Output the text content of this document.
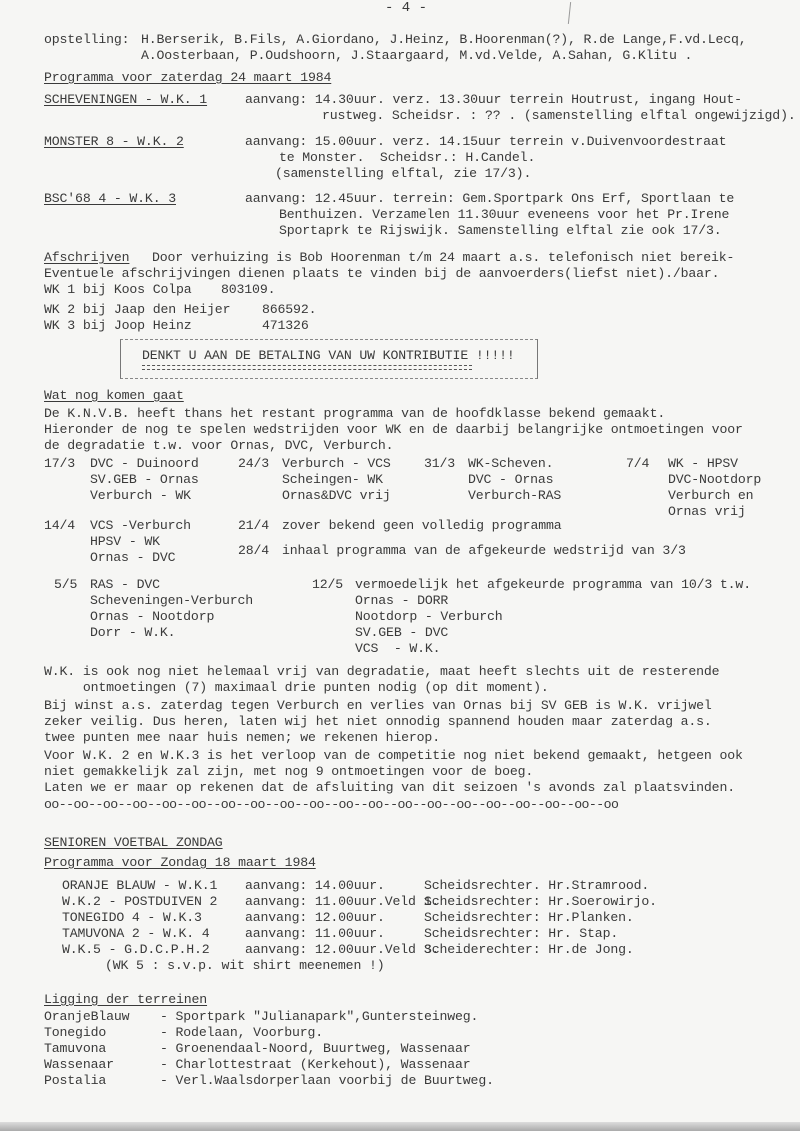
- 4 -
opstelling: H.Berserik, B.Fils, A.Giordano, J.Heinz, B.Hoorenman(?), R.de Lange,F.vd.Lecq,
A.Oosterbaan, P.Oudshoorn, J.Staargaard, M.vd.Velde, A.Sahan, G.Klitu .
Programma voor zaterdag 24 maart 1984
SCHEVENINGEN - W.K. 1	aanvang: 14.30uur. verz. 13.30uur terrein Houtrust, ingang Hout-
rustweg. Scheidsr. : ?? . (samenstelling elftal ongewijzigd).
MONSTER 8 - W.K. 2	aanvang: 15.00uur. verz. 14.15uur terrein v.Duivenvoordestraat
te Monster.  Scheidsr.: H.Candel.
(samenstelling elftal, zie 17/3).
BSC'68 4 - W.K. 3	aanvang: 12.45uur. terrein: Gem.Sportpark Ons Erf, Sportlaan te
Benthuizen. Verzamelen 11.30uur eveneens voor het Pr.Irene
Sportaprk te Rijswijk. Samenstelling elftal zie ook 17/3.
Afschrijven Door verhuizing is Bob Hoorenman t/m 24 maart a.s. telefonisch niet bereik-
Eventuele afschrijvingen dienen plaats te vinden bij de aanvoerders(liefst niet)./baar.
WK 1 bij Koos Colpa 803109.
WK 2 bij Jaap den Heijer 866592.
WK 3 bij Joop Heinz	471326
DENKT U AAN DE BETALING VAN UW KONTRIBUTIE !!!!!
Wat nog komen gaat
De K.N.V.B. heeft thans het restant programma van de hoofdklasse bekend gemaakt.
Hieronder de nog te spelen wedstrijden voor WK en de daarbij belangrijke ontmoetingen voor
de degradatie t.w. voor Ornas, DVC, Verburch.
17/3 DVC - Duinoord
SV.GEB - Ornas
Verburch - WK
24/3 Verburch - VCS
Scheingen- WK
Ornas&DVC vrij
31/3 WK-Scheven.
DVC - Ornas
Verburch-RAS
7/4 WK - HPSV
DVC-Nootdorp
Verburch en
Ornas vrij
14/4 VCS -Verburch
HPSV - WK
Ornas - DVC
21/4 zover bekend geen volledig programma
28/4 inhaal programma van de afgekeurde wedstrijd van 3/3
5/5 RAS - DVC
Scheveningen-Verburch
Ornas - Nootdorp
Dorr - W.K.
12/5 vermoedelijk het afgekeurde programma van 10/3 t.w.
Ornas - DORR
Nootdorp - Verburch
SV.GEB - DVC
VCS  - W.K.
W.K. is ook nog niet helemaal vrij van degradatie, maat heeft slechts uit de resterende
ontmoetingen (7) maximaal drie punten nodig (op dit moment).
Bij winst a.s. zaterdag tegen Verburch en verlies van Ornas bij SV GEB is W.K. vrijwel
zeker veilig. Dus heren, laten wij het niet onnodig spannend houden maar zaterdag a.s.
twee punten mee naar huis nemen; we rekenen hierop.
Voor W.K. 2 en W.K.3 is het verloop van de competitie nog niet bekend gemaakt, hetgeen ook
niet gemakkelijk zal zijn, met nog 9 ontmoetingen voor de boeg.
Laten we er maar op rekenen dat de afsluiting van dit seizoen 's avonds zal plaatsvinden.
oo--oo--oo--oo--oo--oo--oo--oo--oo--oo--oo--oo--oo--oo--oo--oo--oo--oo--oo--oo
SENIOREN VOETBAL ZONDAG
Programma voor Zondag 18 maart 1984
ORANJE BLAUW - W.K.1 aanvang: 14.00uur.	Scheidsrechter. Hr.Stramrood.
W.K.2 - POSTDUIVEN 2 aanvang: 11.00uur.Veld 1.
Scheidsrechter: Hr.Soerowirjo.
TONEGIDO 4 - W.K.3	aanvang: 12.00uur.	Scheidsrechter: Hr.Planken.
TAMUVONA 2 - W.K. 4	aanvang: 11.00uur.	Scheidsrechter: Hr. Stap.
W.K.5 - G.D.C.P.H.2	aanvang: 12.00uur.Veld 3.
Scheiderechter: Hr.de Jong.
(WK 5 : s.v.p. wit shirt meenemen !)
Ligging der terreinen
OranjeBlauw - Sportpark "Julianapark",Guntersteinweg.
Tonegido	- Rodelaan, Voorburg.
Tamuvona	- Groenendaal-Noord, Buurtweg, Wassenaar
Wassenaar	- Charlottestraat (Kerkehout), Wassenaar
Postalia	- Verl.Waalsdorperlaan voorbij de Buurtweg.
